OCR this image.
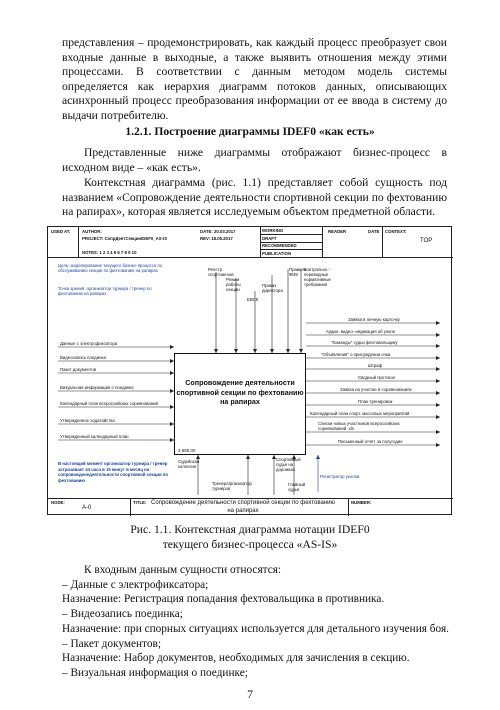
представления – продемонстрировать, как каждый процесс преобразует свои входные данные в выходные, а также выявить отношения между этими процессами. В соответствии с данным методом модель системы определяется как иерархия диаграмм потоков данных, описывающих асинхронный процесс преобразования информации от ее ввода в систему до выдачи потребителю.

1.2.1. Построение диаграммы IDEF0 «как есть»

Представленные ниже диаграммы отображают бизнес-процесс в исходном виде – «как есть».

Контекстная диаграмма (рис. 1.1) представляет собой сущность под названием «Сопровождение деятельности спортивной секции по фехтованию на рапирах», которая является исследуемым объектом предметной области.

USED AT:	AUTHOR:
PROJECT: СопрДеятСекцииIDEF0_AS-IS
DATE: 20.03.2017
REV: 18.05.2017
NOTES: 1 2 3 4 5 6 7 8 9 10
WORKING
DRAFT
RECOMMENDED
PUBLICATION
READER	DATE CONTEXT:
TOP
Цель: моделирование текущего бизнес-процесса по обслуживанию секции по фехтованию на рапирах
Точка зрения: организатор турнира / тренер по фехтованию на рапирах
Реестр спортсменов
Режим работы секции
ЕВСК
Приказ директора
Правила ФИЕ
Контрольно - переводные нормативные требования
Данные с электрофиксатора
Видеозапись поединка
Пакет документов
Визуальная информация о поединке
Календарный план всероссийских соревнований
Утвержденное ходатайство
Утвержденный календарный план
Заявка в личную карточку
Аудио- видео- индикация об уколе
"Команды" судьи фехтовальщику
"Объявления" о присуждении очка
Штраф
Сводный протокол
Заявка на участие в соревнованиях
План тренировок
Календарный план спорт. массовых мероприятий
Списки новых участников всероссийских соревнований .xls
Письменный отчёт за полугодие
Сопровождение деятельности спортивной секции по фехтованию на рапирах
3 650,00
В настоящий момент организатор турнира / тренер затрачивает 44 часа в 15 минут в месяц на сопровожденедеятельности спортивной секции по фехтованию
Судейская коллегия
Тренер/организатор турниров
Спортивный судья на дорожках
Главный судья
Регистратор уколов
NODE:
A-0
TITLE: Сопровождение деятельности спортивной секции по фехтованию на рапирах
NUMBER:
Рис. 1.1. Контекстная диаграмма нотации IDEF0
текущего бизнес-процесса «AS-IS»
К входным данным сущности относятся:
– Данные с электрофиксатора;
Назначение: Регистрация попадания фехтовальщика в противника.
– Видеозапись поединка;
Назначение: при спорных ситуациях используется для детального изучения боя.
– Пакет документов;
Назначение: Набор документов, необходимых для зачисления в секцию.
– Визуальная информация о поединке;
7
